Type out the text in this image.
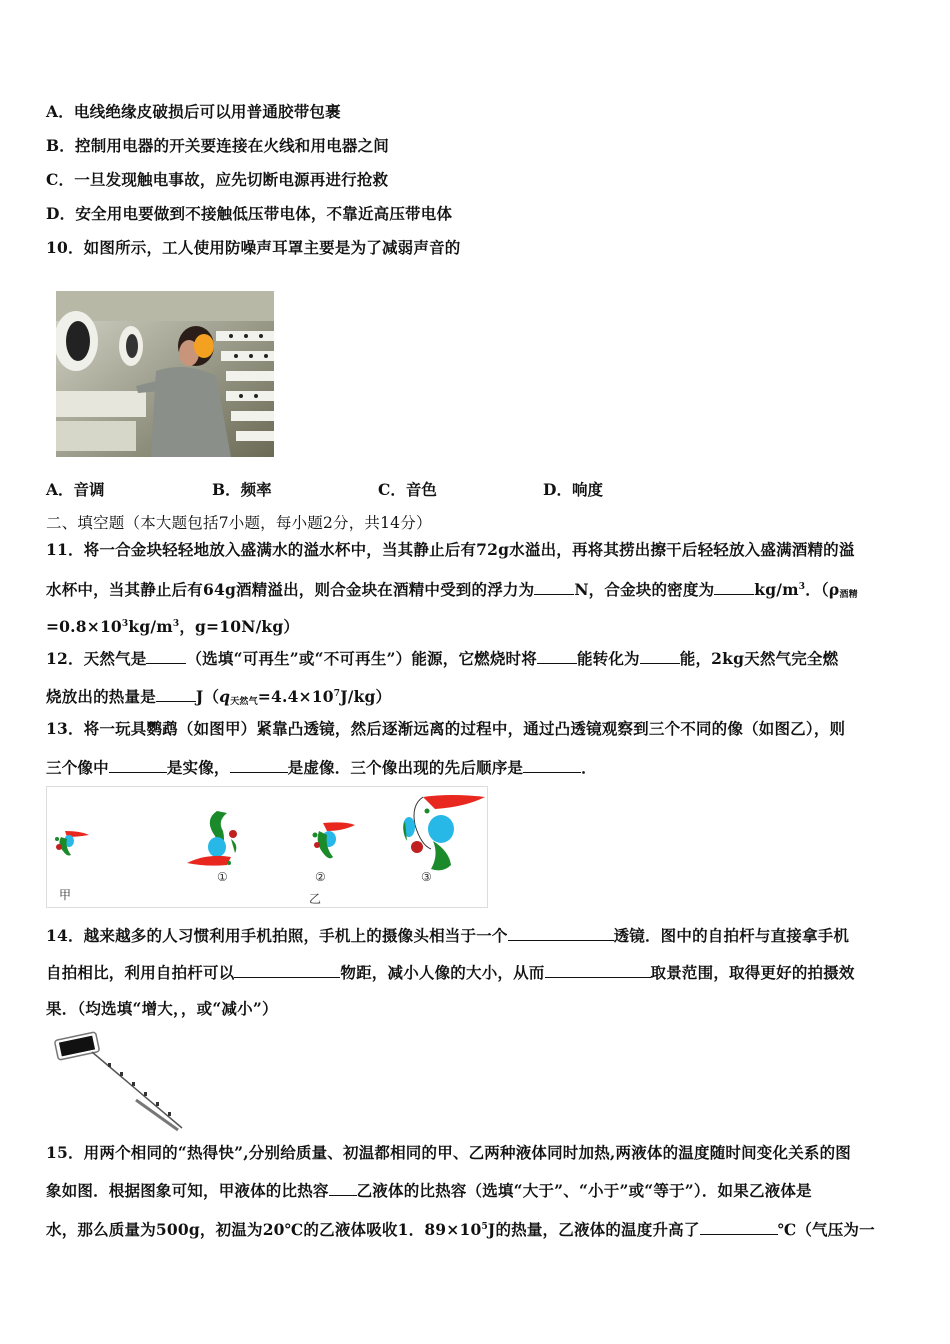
A．电线绝缘皮破损后可以用普通胶带包裹
B．控制用电器的开关要连接在火线和用电器之间
C．一旦发现触电事故，应先切断电源再进行抢救
D．安全用电要做到不接触低压带电体，不靠近高压带电体
10．如图所示，工人使用防噪声耳罩主要是为了减弱声音的
A．音调	B．频率	C．音色	D．响度
二、填空题（本大题包括7小题，每小题2分，共14分）
11．将一合金块轻轻地放入盛满水的溢水杯中，当其静止后有72g水溢出，再将其捞出擦干后轻轻放入盛满酒精的溢
水杯中，当其静止后有64g酒精溢出，则合金块在酒精中受到的浮力为	N，合金块的密度为	$kg/m^3$．（$\rho_{酒精}$
$=0.8\times 10^3kg/m^3$，g=10N/kg）
12．天然气是	（选填“可再生”或“不可再生”）能源，它燃烧时将	能转化为	能，2kg天然气完全燃
烧放出的热量是	$J(q_{天然气}=4.4\times 10^7J/kg)$
13．将一玩具鹦鹉（如图甲）紧靠凸透镜，然后逐渐远离的过程中，通过凸透镜观察到三个不同的像（如图乙），则
三个像中	是实像，	是虚像．三个像出现的先后顺序是	．
①	②	③
甲	乙
14．越来越多的人习惯利用手机拍照，手机上的摄像头相当于一个	透镜．图中的自拍杆与直接拿手机
自拍相比，利用自拍杆可以	物距，减小人像的大小，从而	取景范围，取得更好的拍摄效
果．（均选填“增大，，或“减小”）
15．用两个相同的“热得快”,分别给质量、初温都相同的甲、乙两种液体同时加热,两液体的温度随时间变化关系的图
象如图．根据图象可知，甲液体的比热容 乙液体的比热容（选填“大于”、“小于”或“等于”）．如果乙液体是
水，那么质量为500g，初温为20℃的乙液体吸收1．$89\times 10^5J$的热量，乙液体的温度升高了	℃（气压为一
